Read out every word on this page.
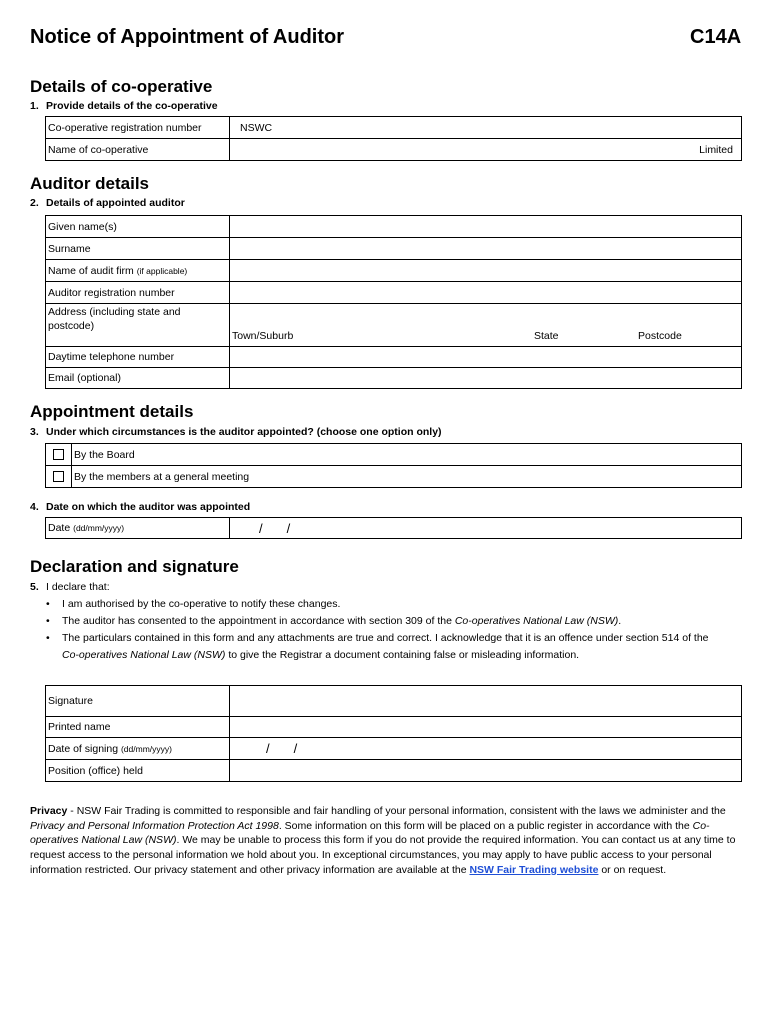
Notice of Appointment of Auditor	C14A
Details of co-operative
1. Provide details of the co-operative
Co-operative registration number	NSWC
Name of co-operative	Limited
Auditor details
2. Details of appointed auditor
Given name(s)	
Surname	
Name of audit firm (if applicable)	
Auditor registration number	
Address (including state and postcode)	Town/Suburb State Postcode

Daytime telephone number	
Email (optional)	
Appointment details
3. Under which circumstances is the auditor appointed? (choose one option only)
	By the Board
	By the members at a general meeting
4. Date on which the auditor was appointed
Date (dd/mm/yyyy)	/ /
Declaration and signature
5. I declare that:
• I am authorised by the co-operative to notify these changes.
• The auditor has consented to the appointment in accordance with section 309 of the Co-operatives National Law (NSW).
• The particulars contained in this form and any attachments are true and correct. I acknowledge that it is an offence under section 514 of the Co-operatives National Law (NSW) to give the Registrar a document containing false or misleading information.
Signature	
Printed name	
Date of signing (dd/mm/yyyy)	/ /
Position (office) held	
Privacy - NSW Fair Trading is committed to responsible and fair handling of your personal information, consistent with the laws we administer and the Privacy and Personal Information Protection Act 1998. Some information on this form will be placed on a public register in accordance with the Co-operatives National Law (NSW). We may be unable to process this form if you do not provide the required information. You can contact us at any time to request access to the personal information we hold about you. In exceptional circumstances, you may apply to have public access to your personal information restricted. Our privacy statement and other privacy information are available at the NSW Fair Trading website or on request.
